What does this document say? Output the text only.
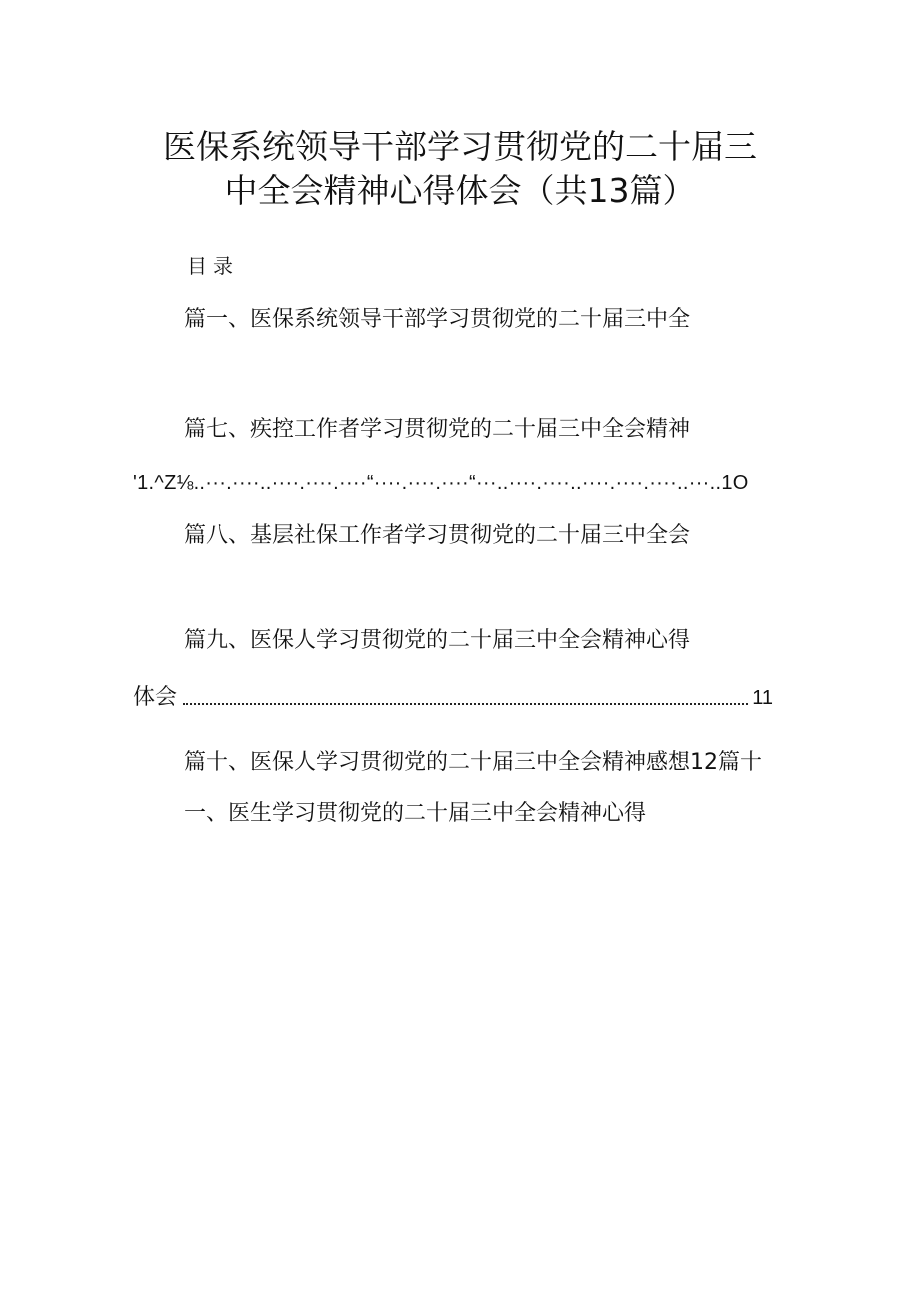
医保系统领导干部学习贯彻党的二十届三
中全会精神心得体会（共13篇）
目录
篇一、医保系统领导干部学习贯彻党的二十届三中全
篇七、疾控工作者学习贯彻党的二十届三中全会精神
'1.^Z⅛..···.····..····.····.····“····.····.····“···..····.····..····.····.····..···..1O
篇八、基层社保工作者学习贯彻党的二十届三中全会
篇九、医保人学习贯彻党的二十届三中全会精神心得
体会	11
篇十、医保人学习贯彻党的二十届三中全会精神感想12篇十
一、医生学习贯彻党的二十届三中全会精神心得
